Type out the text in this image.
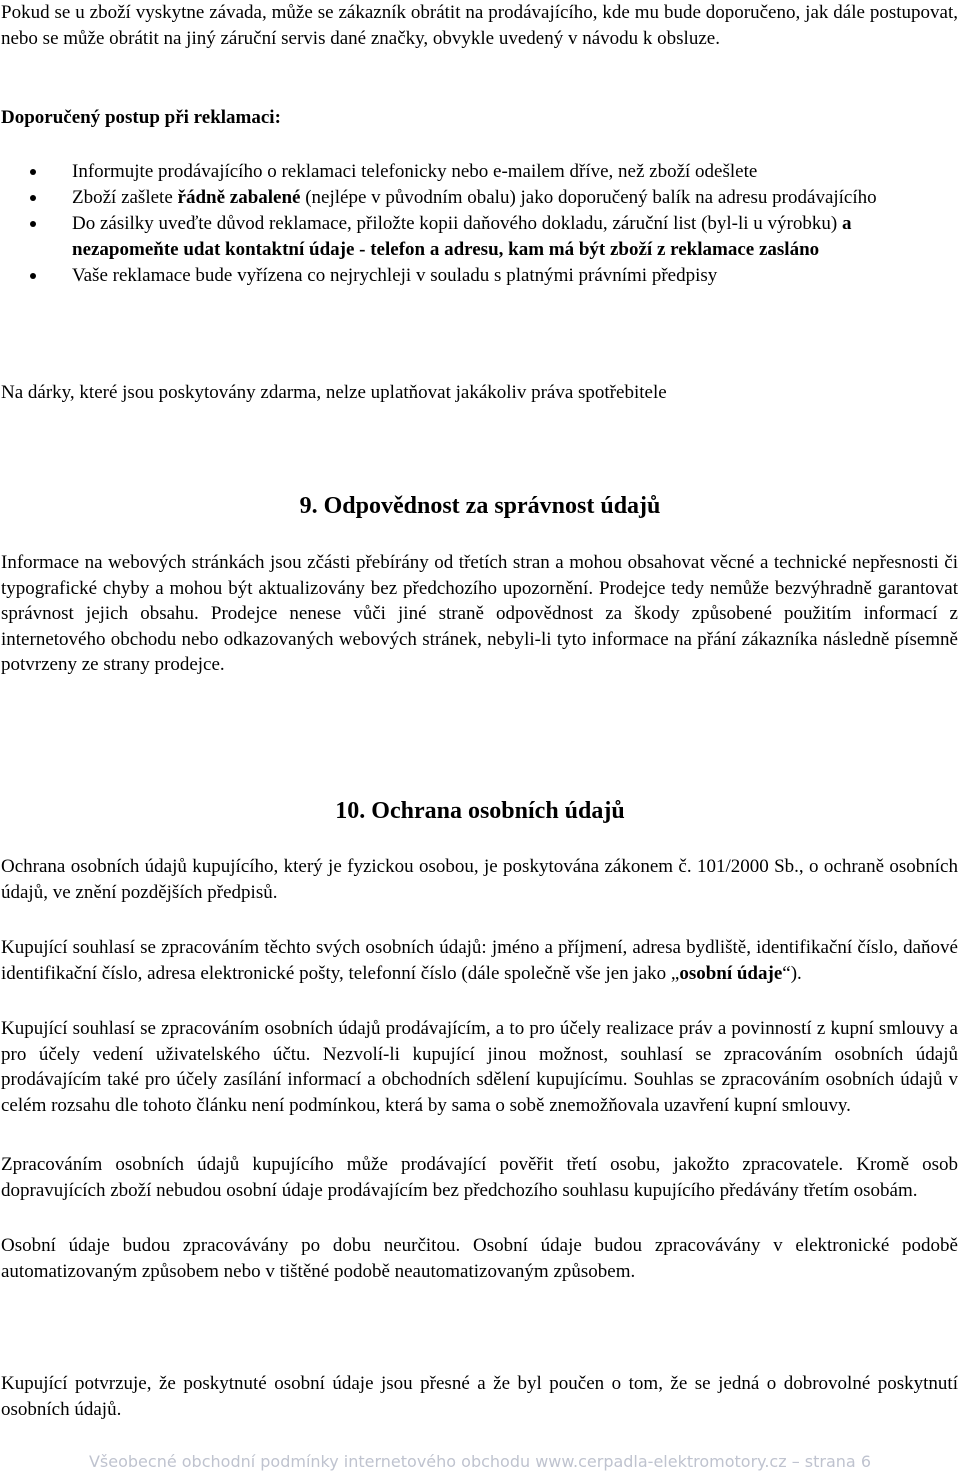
Pokud se u zboží vyskytne závada, může se zákazník obrátit na prodávajícího, kde mu bude doporučeno, jak dále postupovat, nebo se může obrátit na jiný záruční servis dané značky, obvykle uvedený v návodu k obsluze.

Doporučený postup při reklamaci:

Informujte prodávajícího o reklamaci telefonicky nebo e-mailem dříve, než zboží odešlete
Zboží zašlete řádně zabalené (nejlépe v původním obalu) jako doporučený balík na adresu prodávajícího
Do zásilky uveďte důvod reklamace, přiložte kopii daňového dokladu, záruční list (byl-li u výrobku) a nezapomeňte udat kontaktní údaje - telefon a adresu, kam má být zboží z reklamace zasláno
Vaše reklamace bude vyřízena co nejrychleji v souladu s platnými právními předpisy

Na dárky, které jsou poskytovány zdarma, nelze uplatňovat jakákoliv práva spotřebitele

9. Odpovědnost za správnost údajů

Informace na webových stránkách jsou zčásti přebírány od třetích stran a mohou obsahovat věcné a technické nepřesnosti či typografické chyby a mohou být aktualizovány bez předchozího upozornění. Prodejce tedy nemůže bezvýhradně garantovat správnost jejich obsahu. Prodejce nenese vůči jiné straně odpovědnost za škody způsobené použitím informací z internetového obchodu nebo odkazovaných webových stránek, nebyli-li tyto informace na přání zákazníka následně písemně potvrzeny ze strany prodejce.

10. Ochrana osobních údajů

Ochrana osobních údajů kupujícího, který je fyzickou osobou, je poskytována zákonem č. 101/2000 Sb., o ochraně osobních údajů, ve znění pozdějších předpisů.

Kupující souhlasí se zpracováním těchto svých osobních údajů: jméno a příjmení, adresa bydliště, identifikační číslo, daňové identifikační číslo, adresa elektronické pošty, telefonní číslo (dále společně vše jen jako „osobní údaje“).

Kupující souhlasí se zpracováním osobních údajů prodávajícím, a to pro účely realizace práv a povinností z kupní smlouvy a pro účely vedení uživatelského účtu. Nezvolí-li kupující jinou možnost, souhlasí se zpracováním osobních údajů prodávajícím také pro účely zasílání informací a obchodních sdělení kupujícímu. Souhlas se zpracováním osobních údajů v celém rozsahu dle tohoto článku není podmínkou, která by sama o sobě znemožňovala uzavření kupní smlouvy.

Zpracováním osobních údajů kupujícího může prodávající pověřit třetí osobu, jakožto zpracovatele. Kromě osob dopravujících zboží nebudou osobní údaje prodávajícím bez předchozího souhlasu kupujícího předávány třetím osobám.

Osobní údaje budou zpracovávány po dobu neurčitou. Osobní údaje budou zpracovávány v elektronické podobě automatizovaným způsobem nebo v tištěné podobě neautomatizovaným způsobem.

Kupující potvrzuje, že poskytnuté osobní údaje jsou přesné a že byl poučen o tom, že se jedná o dobrovolné poskytnutí osobních údajů.

Všeobecné obchodní podmínky internetového obchodu www.cerpadla-elektromotory.cz – strana 6
